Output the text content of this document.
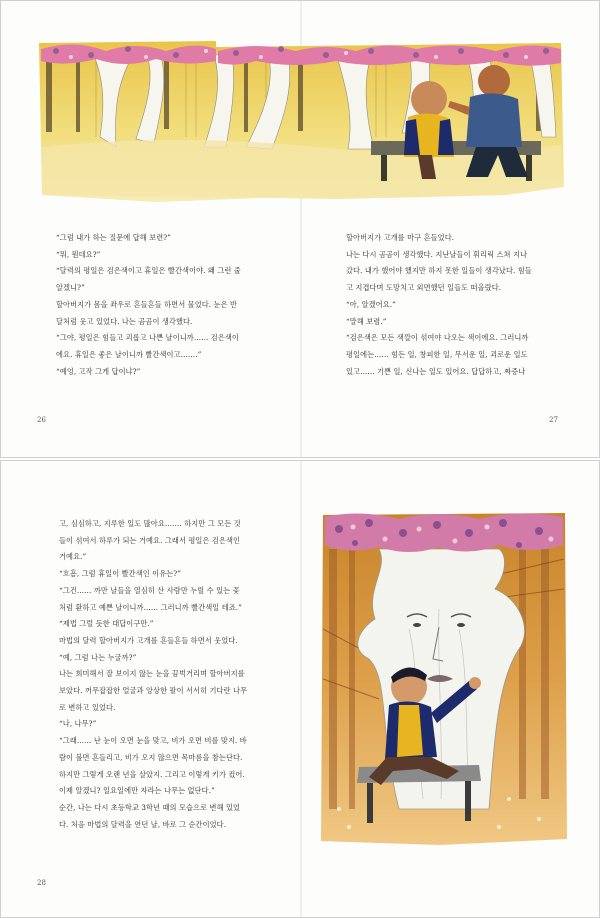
“그럼 내가 하는 질문에 답해 보련?”

“뭐, 뭔데요?”

“달력의 평일은 검은색이고 휴일은 빨간색이야. 왜 그런 줄

알겠니?”

할아버지가 몸을 좌우로 흔들흔들 하면서 물었다. 눈은 반

달처럼 웃고 있었다. 나는 곰곰이 생각했다.

“그야, 평일은 힘들고 괴롭고 나쁜 날이니까…… 검은색이

에요. 휴일은 좋은 날이니까 빨간색이고…….”

“예엉, 고작 그게 답이냐?”

26

할아버지가 고개를 마구 흔들었다.

나는 다시 곰곰이 생각했다. 지난날들이 휘리릭 스쳐 지나

갔다. 내가 했어야 했지만 하지 못한 일들이 생각났다. 힘들

고 지겹다며 도망치고 외면했던 일들도 떠올랐다.

“아, 알겠어요.”

“말해 보렴.”

“검은색은 모든 색깔이 섞여야 나오는 색이에요. 그러니까

평일에는…… 힘든 일, 창피한 일, 무서운 일, 괴로운 일도

있고…… 기쁜 일, 신나는 일도 있어요. 답답하고, 짜증나

27

고, 심심하고, 지루한 일도 많아요……. 하지만 그 모든 것

들이 섞여서 하루가 되는 거예요. 그래서 평일은 검은색인

거예요.”

“흐흠, 그럼 휴일이 빨간색인 이유는?”

“그건…… 까만 날들을 열심히 산 사람만 누릴 수 있는 꽃

처럼 환하고 예쁜 날이니까…… 그러니까 빨간색일 테죠.”

“제법 그럴 듯한 대답이구만.”

마법의 달력 할아버지가 고개를 흔들흔들 하면서 웃었다.

“예, 그럼 나는 누굴까?”

나는 희미해서 잘 보이지 않는 눈을 끔벅거리며 할아버지를

보았다. 꺼무잡잡한 얼굴과 앙상한 팔이 서서히 기다란 나무

로 변하고 있었다.

“나, 나무?”

“그래…… 난 눈이 오면 눈을 맞고, 비가 오면 비를 맞지. 바

람이 불면 흔들리고, 비가 오지 않으면 목마름을 참는단다.

하지만 그렇게 오랜 년을 살았지. 그리고 이렇게 키가 컸어.

이제 알겠니? 일요일에만 자라는 나무는 없단다.”

순간, 나는 다시 초등학교 3학년 때의 모습으로 변해 있었

다. 처음 마법의 달력을 연던 날, 바로 그 순간이었다.

28
